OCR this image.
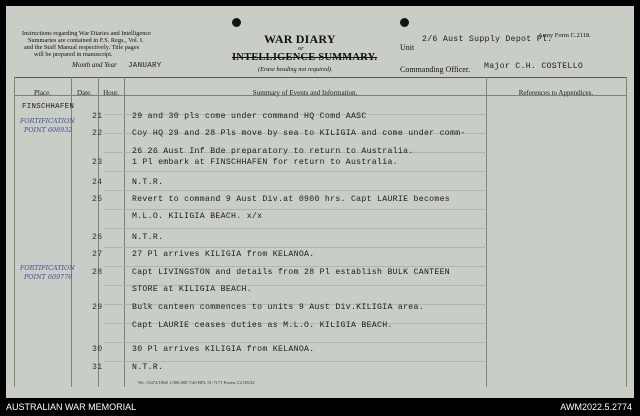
Instructions regarding War Diaries and Intelligence
Summaries are contained in F.S. Regs., Vol. I.
and the Staff Manual respectively. Title pages
will be prepared in manuscript.
Month and Year JANUARY
WAR DIARY
or
INTELLIGENCE SUMMARY.
(Erase heading not required).
Unit
2/6 Aust Supply Depot Pl.
Army Form C.2118.
Commanding Officer. Major C.H. COSTELLO
Place.	Date.	Hour.	Summary of Events and Information.	References to Appendices.
FINSCHHAFEN
FORTIFICATION
POINT 608932
FORTIFICATION
POINT 609776
21	29 and 30 pls come under command HQ Comd AASC
22	Coy HQ 29 and 28 Pls move by sea to KILIGIA and come under comm-
26 26 Aust Inf Bde preparatory to return to Australia.
23	1 Pl embark at FINSCHHAFEN for return to Australia.
24	N.T.R.
25	Revert to command 9 Aust Div.at 0900 hrs. Capt LAURIE becomes
M.L.O. KILIGIA BEACH. x/x
26	N.T.R.
27	27 Pl arrives KILIGIA from KELANOA.
28	Capt LIVINGSTON and details from 28 Pl establish BULK CANTEEN
STORE at KILIGIA BEACH.
29	Bulk canteen commences to units 9 Aust Div.KILIGIA area.
Capt LAURIE ceases duties as M.L.O. KILIGIA BEACH.
30	30 Pl arrives KILIGIA from KELANOA.
31	N.T.R.
Wt. 13474/1868 1,000,000 7/40 BPL 51-7171 Forms C2118/22
AUSTRALIAN WAR MEMORIAL	AWM2022.5.2774
